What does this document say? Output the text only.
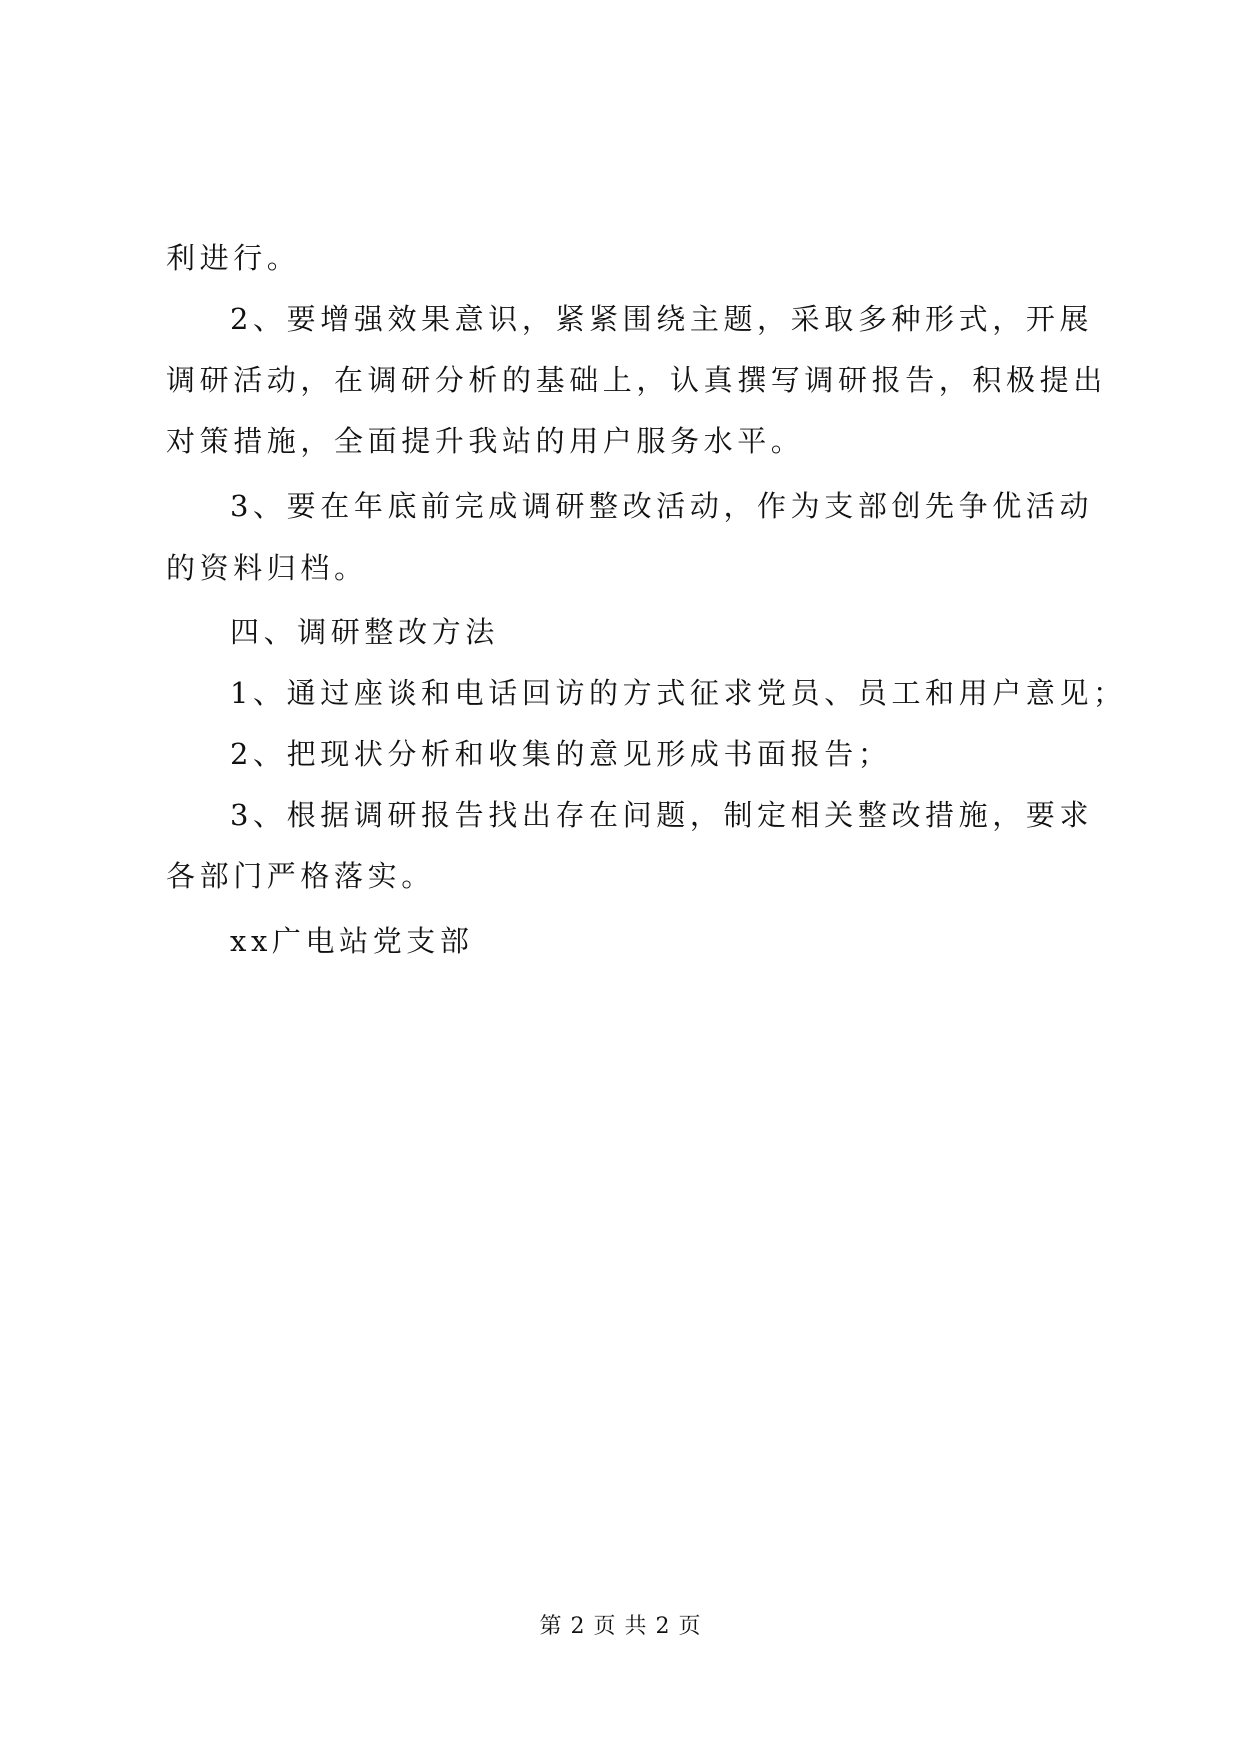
利进行。

2、要增强效果意识，紧紧围绕主题，采取多种形式，开展

调研活动，在调研分析的基础上，认真撰写调研报告，积极提出

对策措施，全面提升我站的用户服务水平。

3、要在年底前完成调研整改活动，作为支部创先争优活动

的资料归档。

四、调研整改方法

1、通过座谈和电话回访的方式征求党员、员工和用户意见；

2、把现状分析和收集的意见形成书面报告；

3、根据调研报告找出存在问题，制定相关整改措施，要求

各部门严格落实。

xx广电站党支部

第 2 页 共 2 页
